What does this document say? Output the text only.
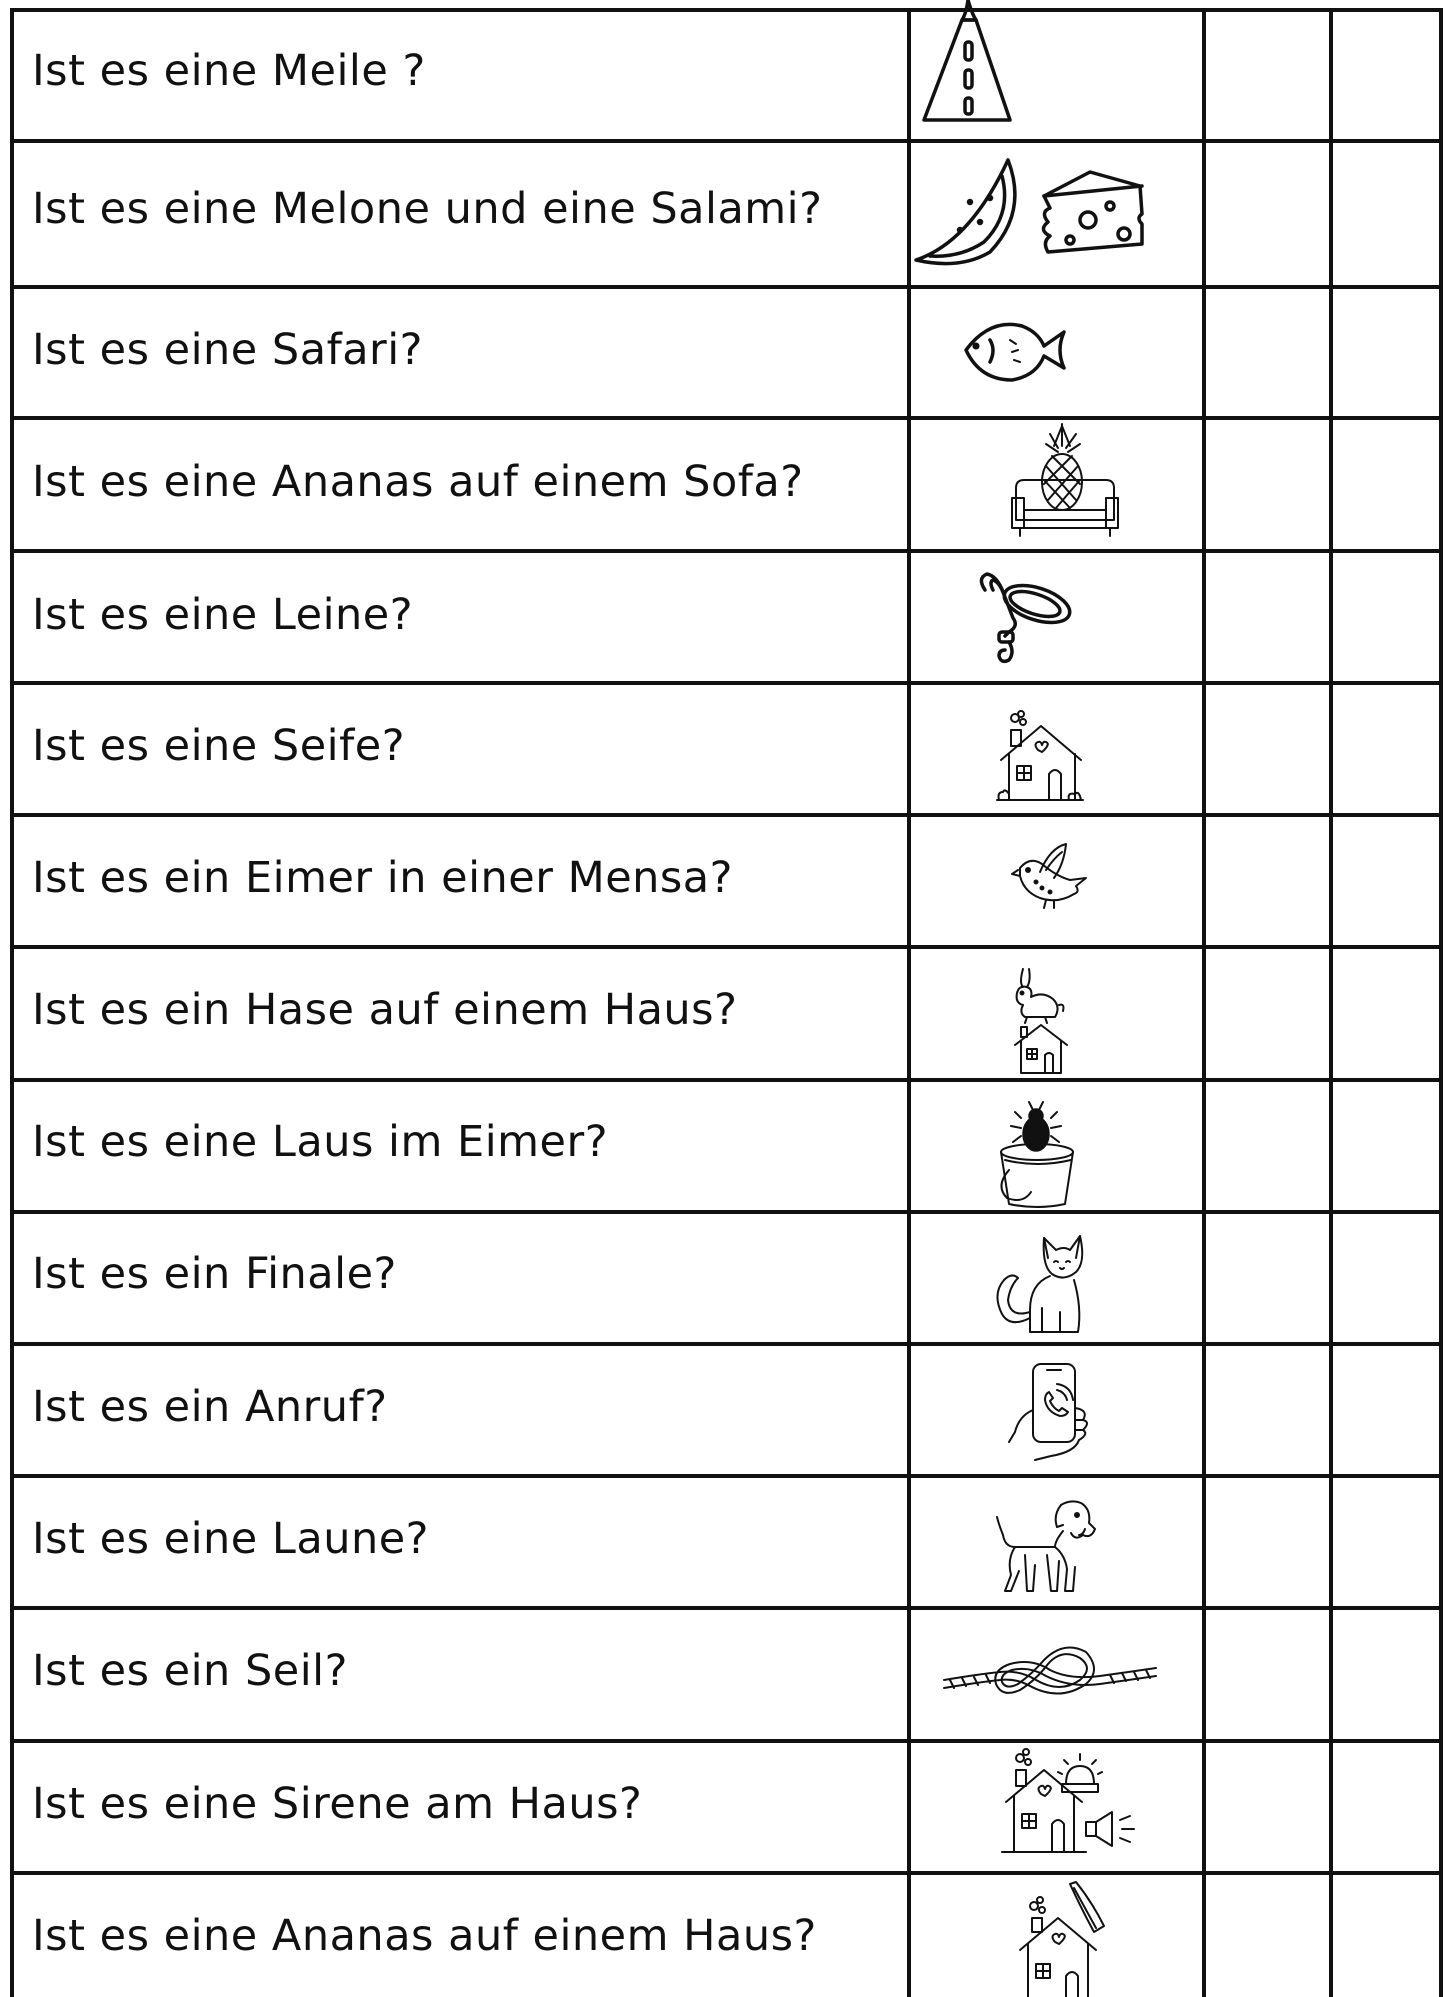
Ist es eine Meile ?
Ist es eine Melone und eine Salami?
Ist es eine Safari?
Ist es eine Ananas auf einem Sofa?
Ist es eine Leine?
Ist es eine Seife?
Ist es ein Eimer in einer Mensa?
Ist es ein Hase auf einem Haus?
Ist es eine Laus im Eimer?
Ist es ein Finale?
Ist es ein Anruf?
Ist es eine Laune?
Ist es ein Seil?
Ist es eine Sirene am Haus?
Ist es eine Ananas auf einem Haus?
